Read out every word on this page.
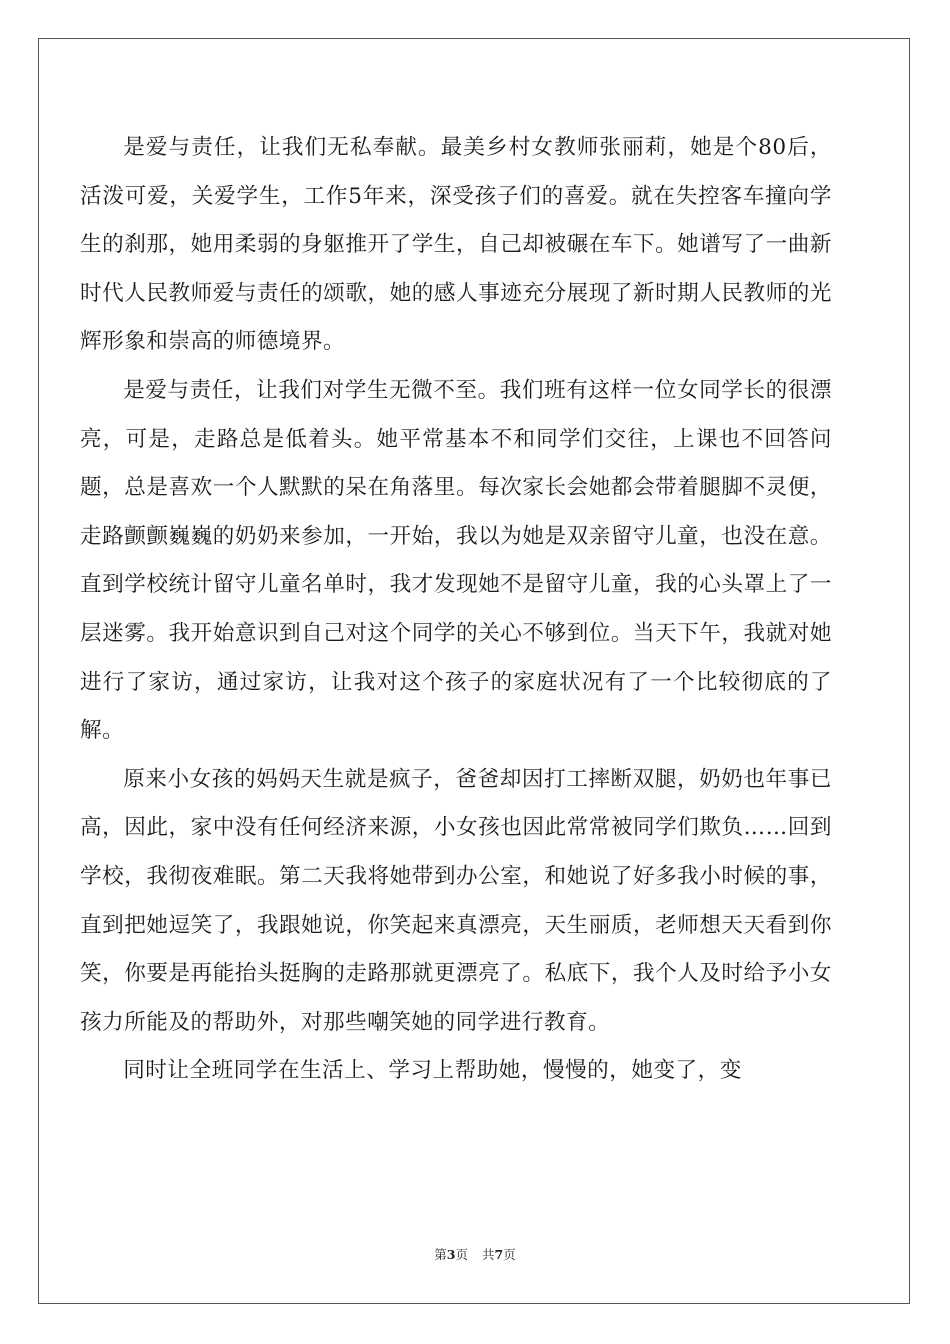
是爱与责任，让我们无私奉献。最美乡村女教师张丽莉，她是个80后，活泼可爱，关爱学生，工作5年来，深受孩子们的喜爱。就在失控客车撞向学生的刹那，她用柔弱的身躯推开了学生，自己却被碾在车下。她谱写了一曲新时代人民教师爱与责任的颂歌，她的感人事迹充分展现了新时期人民教师的光辉形象和崇高的师德境界。

是爱与责任，让我们对学生无微不至。我们班有这样一位女同学长的很漂亮，可是，走路总是低着头。她平常基本不和同学们交往，上课也不回答问题，总是喜欢一个人默默的呆在角落里。每次家长会她都会带着腿脚不灵便，走路颤颤巍巍的奶奶来参加，一开始，我以为她是双亲留守儿童，也没在意。直到学校统计留守儿童名单时，我才发现她不是留守儿童，我的心头罩上了一层迷雾。我开始意识到自己对这个同学的关心不够到位。当天下午，我就对她进行了家访，通过家访，让我对这个孩子的家庭状况有了一个比较彻底的了解。

原来小女孩的妈妈天生就是疯子，爸爸却因打工摔断双腿，奶奶也年事已高，因此，家中没有任何经济来源，小女孩也因此常常被同学们欺负……回到学校，我彻夜难眠。第二天我将她带到办公室，和她说了好多我小时候的事，直到把她逗笑了，我跟她说，你笑起来真漂亮，天生丽质，老师想天天看到你笑，你要是再能抬头挺胸的走路那就更漂亮了。私底下，我个人及时给予小女孩力所能及的帮助外，对那些嘲笑她的同学进行教育。

同时让全班同学在生活上、学习上帮助她，慢慢的，她变了，变

第3页 共7页
